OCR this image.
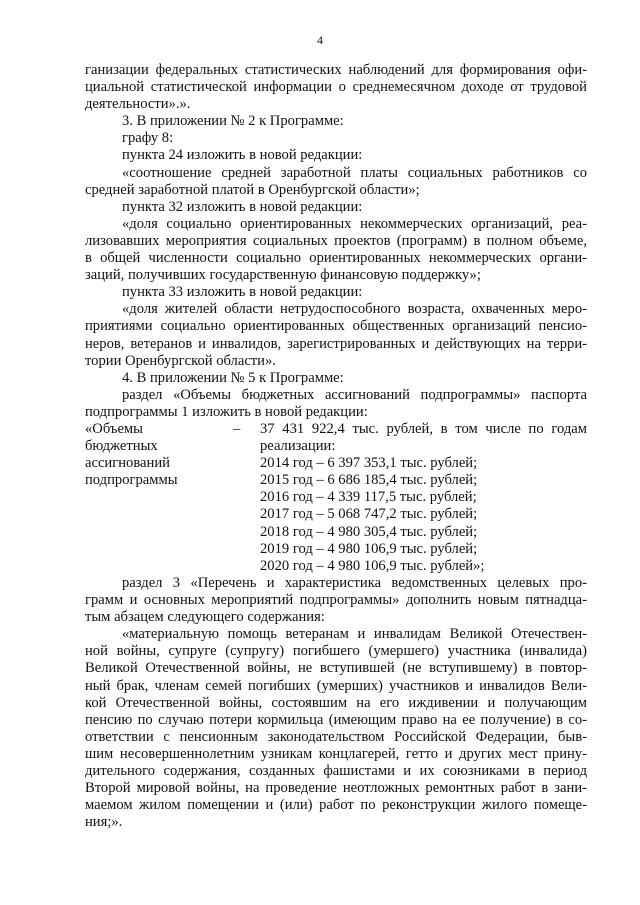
4
ганизации федеральных статистических наблюдений для формирования офи-
циальной статистической информации о среднемесячном доходе от трудовой
деятельности».».
3. В приложении № 2 к Программе:
графу 8:
пункта 24 изложить в новой редакции:
«соотношение средней заработной платы социальных работников со
средней заработной платой в Оренбургской области»;
пункта 32 изложить в новой редакции:
«доля социально ориентированных некоммерческих организаций, реа-
лизовавших мероприятия социальных проектов (программ) в полном объеме,
в общей численности социально ориентированных некоммерческих органи-
заций, получивших государственную финансовую поддержку»;
пункта 33 изложить в новой редакции:
«доля жителей области нетрудоспособного возраста, охваченных меро-
приятиями социально ориентированных общественных организаций пенсио-
неров, ветеранов и инвалидов, зарегистрированных и действующих на терри-
тории Оренбургской области».
4. В приложении № 5 к Программе:
раздел «Объемы бюджетных ассигнований подпрограммы» паспорта
подпрограммы 1 изложить в новой редакции:
«Объемы
бюджетных
ассигнований
подпрограммы
– 37 431 922,4 тыс. рублей, в том числе по годам
реализации:
2014 год – 6 397 353,1 тыс. рублей;
2015 год – 6 686 185,4 тыс. рублей;
2016 год – 4 339 117,5 тыс. рублей;
2017 год – 5 068 747,2 тыс. рублей;
2018 год – 4 980 305,4 тыс. рублей;
2019 год – 4 980 106,9 тыс. рублей;
2020 год – 4 980 106,9 тыс. рублей»;
раздел 3 «Перечень и характеристика ведомственных целевых про-
грамм и основных мероприятий подпрограммы» дополнить новым пятнадца-
тым абзацем следующего содержания:
«материальную помощь ветеранам и инвалидам Великой Отечествен-
ной войны, супруге (супругу) погибшего (умершего) участника (инвалида)
Великой Отечественной войны, не вступившей (не вступившему) в повтор-
ный брак, членам семей погибших (умерших) участников и инвалидов Вели-
кой Отечественной войны, состоявшим на его иждивении и получающим
пенсию по случаю потери кормильца (имеющим право на ее получение) в со-
ответствии с пенсионным законодательством Российской Федерации, быв-
шим несовершеннолетним узникам концлагерей, гетто и других мест прину-
дительного содержания, созданных фашистами и их союзниками в период
Второй мировой войны, на проведение неотложных ремонтных работ в зани-
маемом жилом помещении и (или) работ по реконструкции жилого помеще-
ния;».
